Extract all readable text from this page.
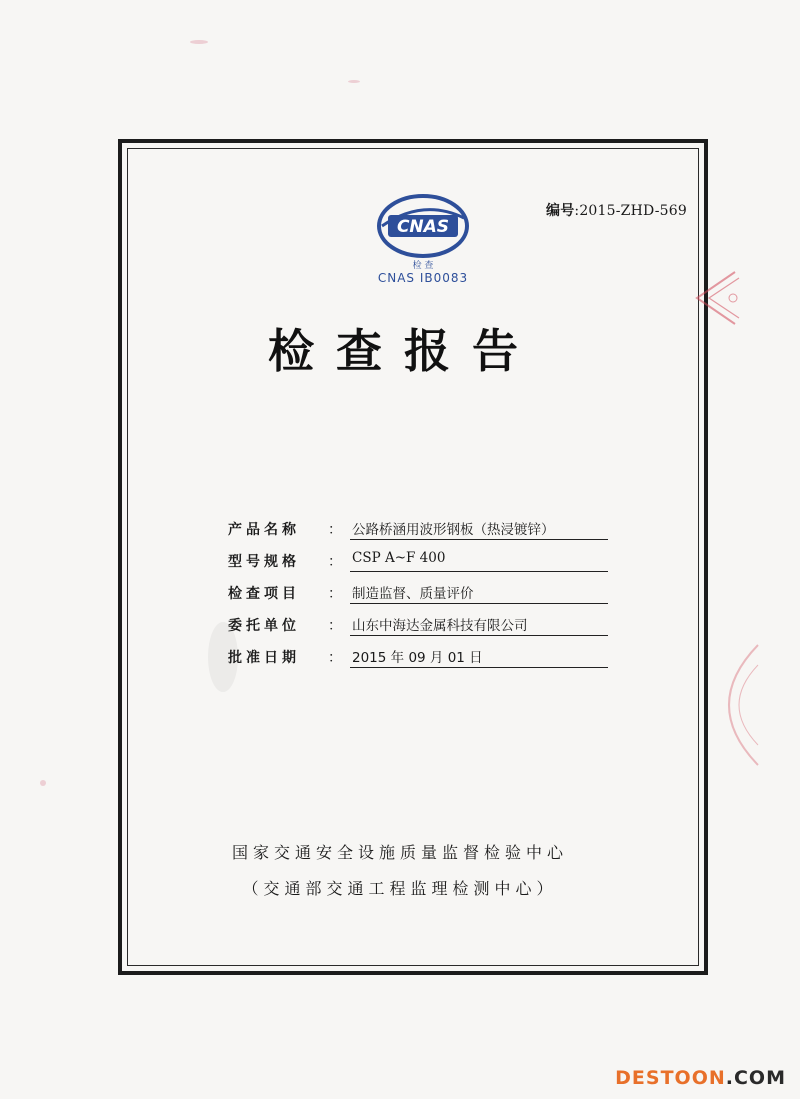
CNAS
检 查
CNAS IB0083
编号:2015-ZHD-569
检查报告
产品名称	： 公路桥涵用波形钢板（热浸镀锌）
型号规格	： CSP A~F 400
检查项目	： 制造监督、质量评价
委托单位	： 山东中海达金属科技有限公司
批准日期	： 2015 年 09 月 01 日
国家交通安全设施质量监督检验中心
（交通部交通工程监理检测中心）
DESTOON.COM
